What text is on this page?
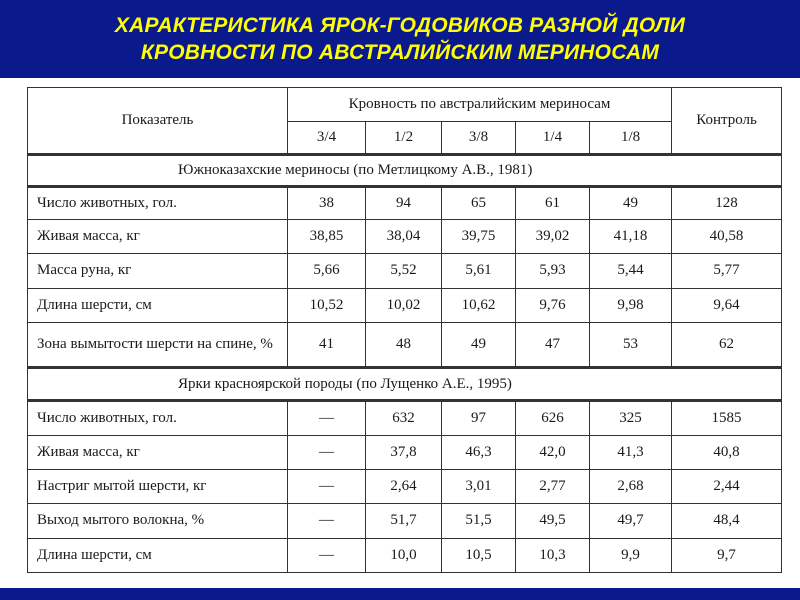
ХАРАКТЕРИСТИКА ЯРОК-ГОДОВИКОВ РАЗНОЙ ДОЛИ
КРОВНОСТИ ПО АВСТРАЛИЙСКИМ МЕРИНОСАМ
Показатель	Кровность по австралийским мериносам					Контроль
	3/4	1/2	3/8	1/4	1/8	
Южноказахские мериносы (по Метлицкому А.В., 1981)						
Число животных, гол.	38	94	65	61	49	128
Живая масса, кг	38,85	38,04	39,75	39,02	41,18	40,58
Масса руна, кг	5,66	5,52	5,61	5,93	5,44	5,77
Длина шерсти, см	10,52	10,02	10,62	9,76	9,98	9,64
Зона вымытости шерсти на спине, %	41	48	49	47	53	62
Ярки красноярской породы (по Лущенко А.Е., 1995)						
Число животных, гол.	—	632	97	626	325	1585
Живая масса, кг	—	37,8	46,3	42,0	41,3	40,8
Настриг мытой шерсти, кг	—	2,64	3,01	2,77	2,68	2,44
Выход мытого волокна, %	—	51,7	51,5	49,5	49,7	48,4
Длина шерсти, см	—	10,0	10,5	10,3	9,9	9,7
